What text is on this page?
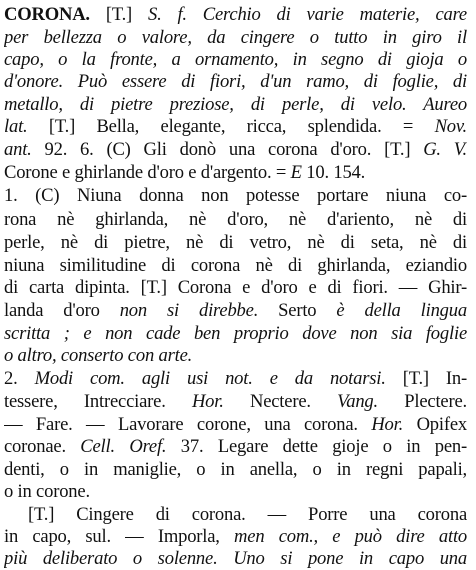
CORONA. [T.] S. f. Cerchio di varie materie, care
per bellezza o valore, da cingere o tutto in giro il
capo, o la fronte, a ornamento, in segno di gioja o
d'onore. Può essere di fiori, d'un ramo, di foglie, di
metallo, di pietre preziose, di perle, di velo. Aureo
lat. [T.] Bella, elegante, ricca, splendida. = Nov.
ant. 92. 6. (C) Gli donò una corona d'oro. [T.] G. V.
Corone e ghirlande d'oro e d'argento. = E 10. 154.
1. (C) Niuna donna non potesse portare niuna co-
rona nè ghirlanda, nè d'oro, nè d'ariento, nè di
perle, nè di pietre, nè di vetro, nè di seta, nè di
niuna similitudine di corona nè di ghirlanda, eziandio
di carta dipinta. [T.] Corona e d'oro e di fiori. — Ghir-
landa d'oro non si direbbe. Serto è della lingua
scritta ; e non cade ben proprio dove non sia foglie
o altro, conserto con arte.
2. Modi com. agli usi not. e da notarsi. [T.] In-
tessere, Intrecciare. Hor. Nectere. Vang. Plectere.
— Fare. — Lavorare corone, una corona. Hor. Opifex
coronae. Cell. Oref. 37. Legare dette gioje o in pen-
denti, o in maniglie, o in anella, o in regni papali,
o in corone.
[T.] Cingere di corona. — Porre una corona
in capo, sul. — Imporla, men com., e può dire atto
più deliberato o solenne. Uno si pone in capo una
